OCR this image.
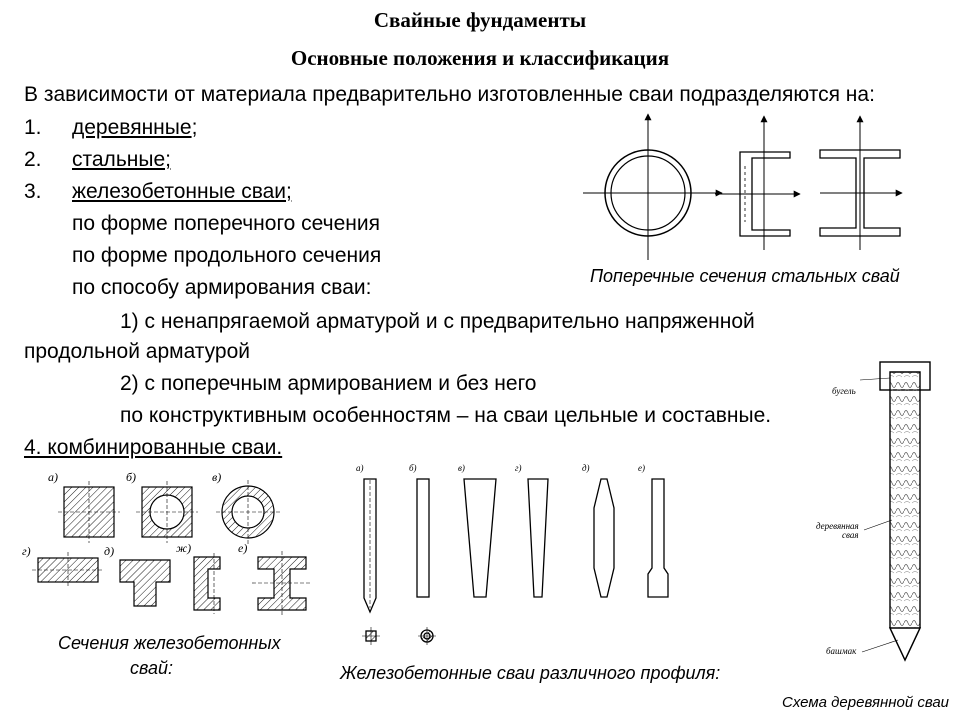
Свайные фундаменты
Основные положения и классификация
В зависимости от материала предварительно изготовленные сваи подразделяются на:
1. деревянные;
2. стальные;
3. железобетонные сваи;
по форме поперечного сечения
по форме продольного сечения
по способу армирования сваи:
1) с ненапрягаемой арматурой и с предварительно напряженной
продольной арматурой
2) с поперечным армированием и без него
по конструктивным особенностям – на сваи цельные и составные.
4. комбинированные сваи.
Поперечные сечения стальных свай
а)	б)	в)
г)	д)	ж)	е)
Сечения железобетонных
свай:
а)	б)	в)	г)	д)	е)
Железобетонные сваи различного профиля:
бугель
деревянная
свая
башмак
Схема деревянной сваи
